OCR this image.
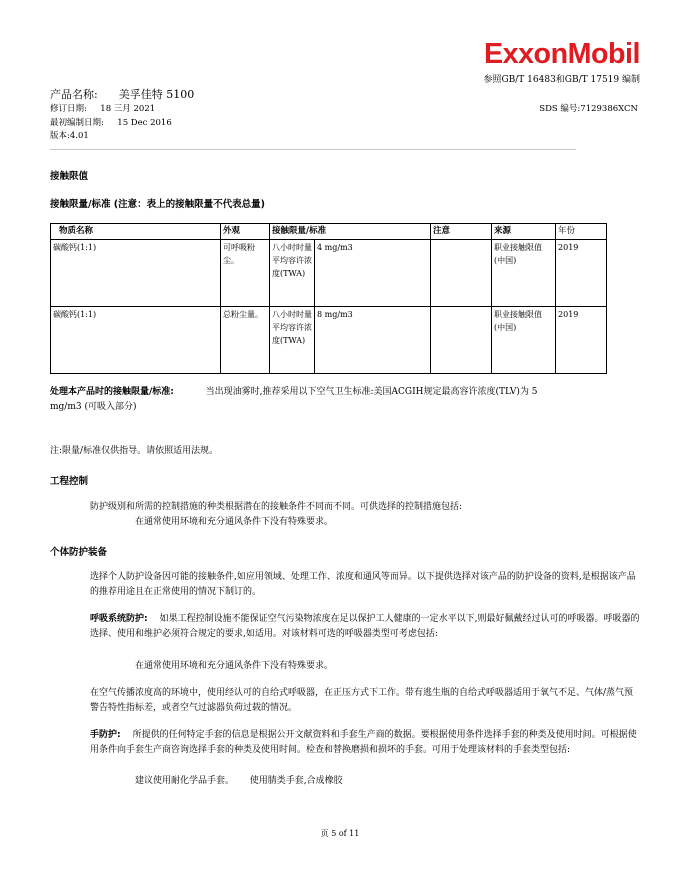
ExxonMobil
参照GB/T 16483和GB/T 17519 编制
产品名称: 美孚佳特 5100
修订日期: 18 三月 2021	SDS 编号:7129386XCN
最初编制日期: 15 Dec 2016
版本:4.01
接触限值
接触限量/标准 (注意：表上的接触限量不代表总量)
物质名称	外观	接触限量/标准		注意	来源	年份
碳酸钙(1:1)	可呼吸粉尘。	八小时时量平均容许浓度(TWA)	4 mg/m3		职业接触限值 (中国)	2019
碳酸钙(1:1)	总粉尘量。	八小时时量平均容许浓度(TWA)	8 mg/m3		职业接触限值 (中国)	2019
处理本产品时的接触限量/标准:	当出现油雾时,推荐采用以下空气卫生标准:美国ACGIH规定最高容许浓度(TLV)为 5
mg/m3 (可吸入部分)
注:限量/标准仅供指导。请依照适用法规。
工程控制
防护级别和所需的控制措施的种类根据潜在的接触条件不同而不同。可供选择的控制措施包括:
在通常使用环境和充分通风条件下没有特殊要求。
个体防护装备
选择个人防护设备因可能的接触条件,如应用领域、处理工作、浓度和通风等而异。以下提供选择对该产品的防护设备的资料,是根据该产品的推荐用途且在正常使用的情况下制订的。
呼吸系统防护: 如果工程控制设施不能保证空气污染物浓度在足以保护工人健康的一定水平以下,则最好佩戴经过认可的呼吸器。呼吸器的选择、使用和维护必须符合规定的要求,如适用。对该材料可选的呼吸器类型可考虑包括:
在通常使用环境和充分通风条件下没有特殊要求。
在空气传播浓度高的环境中，使用经认可的自给式呼吸器，在正压方式下工作。带有逃生瓶的自给式呼吸器适用于氧气不足、气体/蒸气预警告特性指标差，或者空气过滤器负荷过载的情况。
手防护: 所提供的任何特定手套的信息是根据公开文献资料和手套生产商的数据。要根据使用条件选择手套的种类及使用时间。可根据使用条件向手套生产商咨询选择手套的种类及使用时间。检查和替换磨损和损坏的手套。可用于处理该材料的手套类型包括:
建议使用耐化学品手套。 使用腈类手套,合成橡胶
页 5 of 11
